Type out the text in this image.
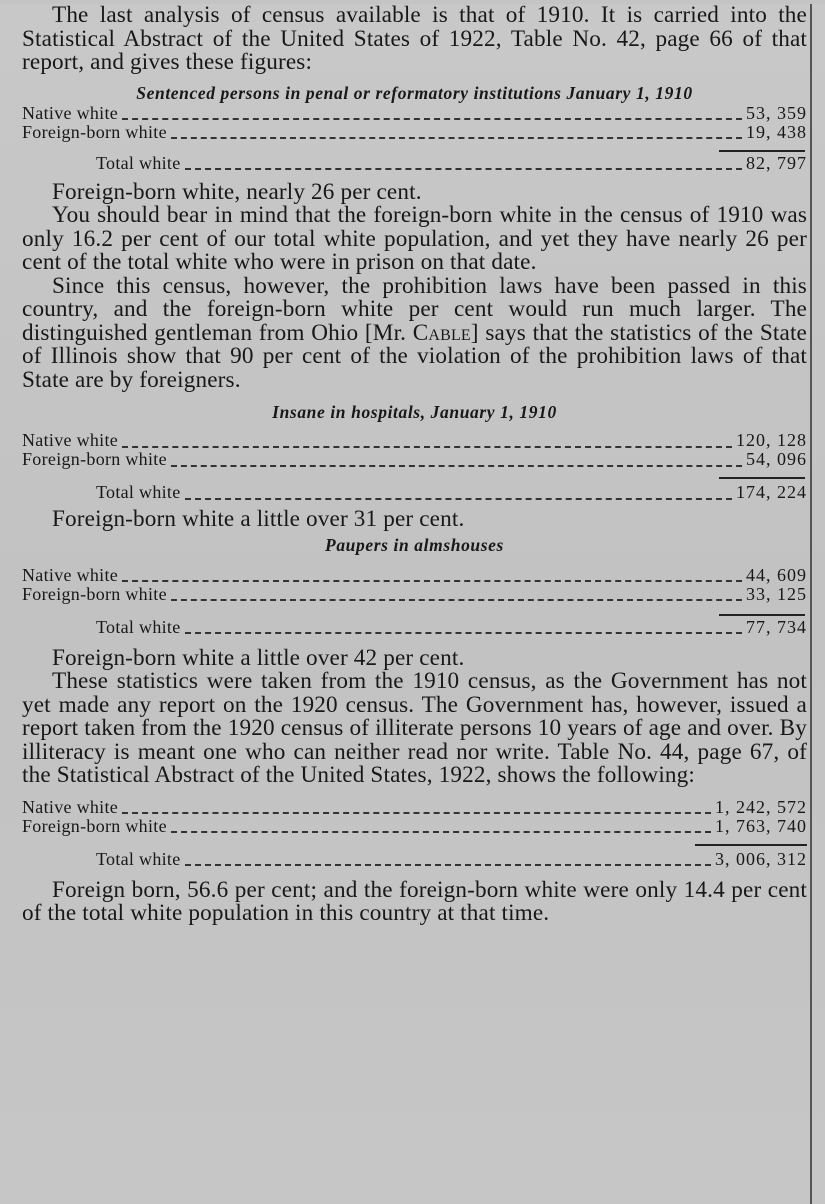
The last analysis of census available is that of 1910. It is carried into the Statistical Abstract of the United States of 1922, Table No. 42, page 66 of that report, and gives these figures:

Sentenced persons in penal or reformatory institutions January 1, 1910

Native white	53, 359
Foreign-born white	19, 438
Total white	82, 797

Foreign-born white, nearly 26 per cent.

You should bear in mind that the foreign-born white in the census of 1910 was only 16.2 per cent of our total white population, and yet they have nearly 26 per cent of the total white who were in prison on that date.

Since this census, however, the prohibition laws have been passed in this country, and the foreign-born white per cent would run much larger. The distinguished gentleman from Ohio [Mr. Cable] says that the statistics of the State of Illinois show that 90 per cent of the violation of the prohibition laws of that State are by foreigners.

Insane in hospitals, January 1, 1910

Native white	120, 128
Foreign-born white	54, 096
Total white	174, 224

Foreign-born white a little over 31 per cent.

Paupers in almshouses

Native white	44, 609
Foreign-born white	33, 125
Total white	77, 734

Foreign-born white a little over 42 per cent.

These statistics were taken from the 1910 census, as the Government has not yet made any report on the 1920 census. The Government has, however, issued a report taken from the 1920 census of illiterate persons 10 years of age and over. By illiteracy is meant one who can neither read nor write. Table No. 44, page 67, of the Statistical Abstract of the United States, 1922, shows the following:

Native white	1, 242, 572
Foreign-born white	1, 763, 740
Total white	3, 006, 312

Foreign born, 56.6 per cent; and the foreign-born white were only 14.4 per cent of the total white population in this country at that time.
